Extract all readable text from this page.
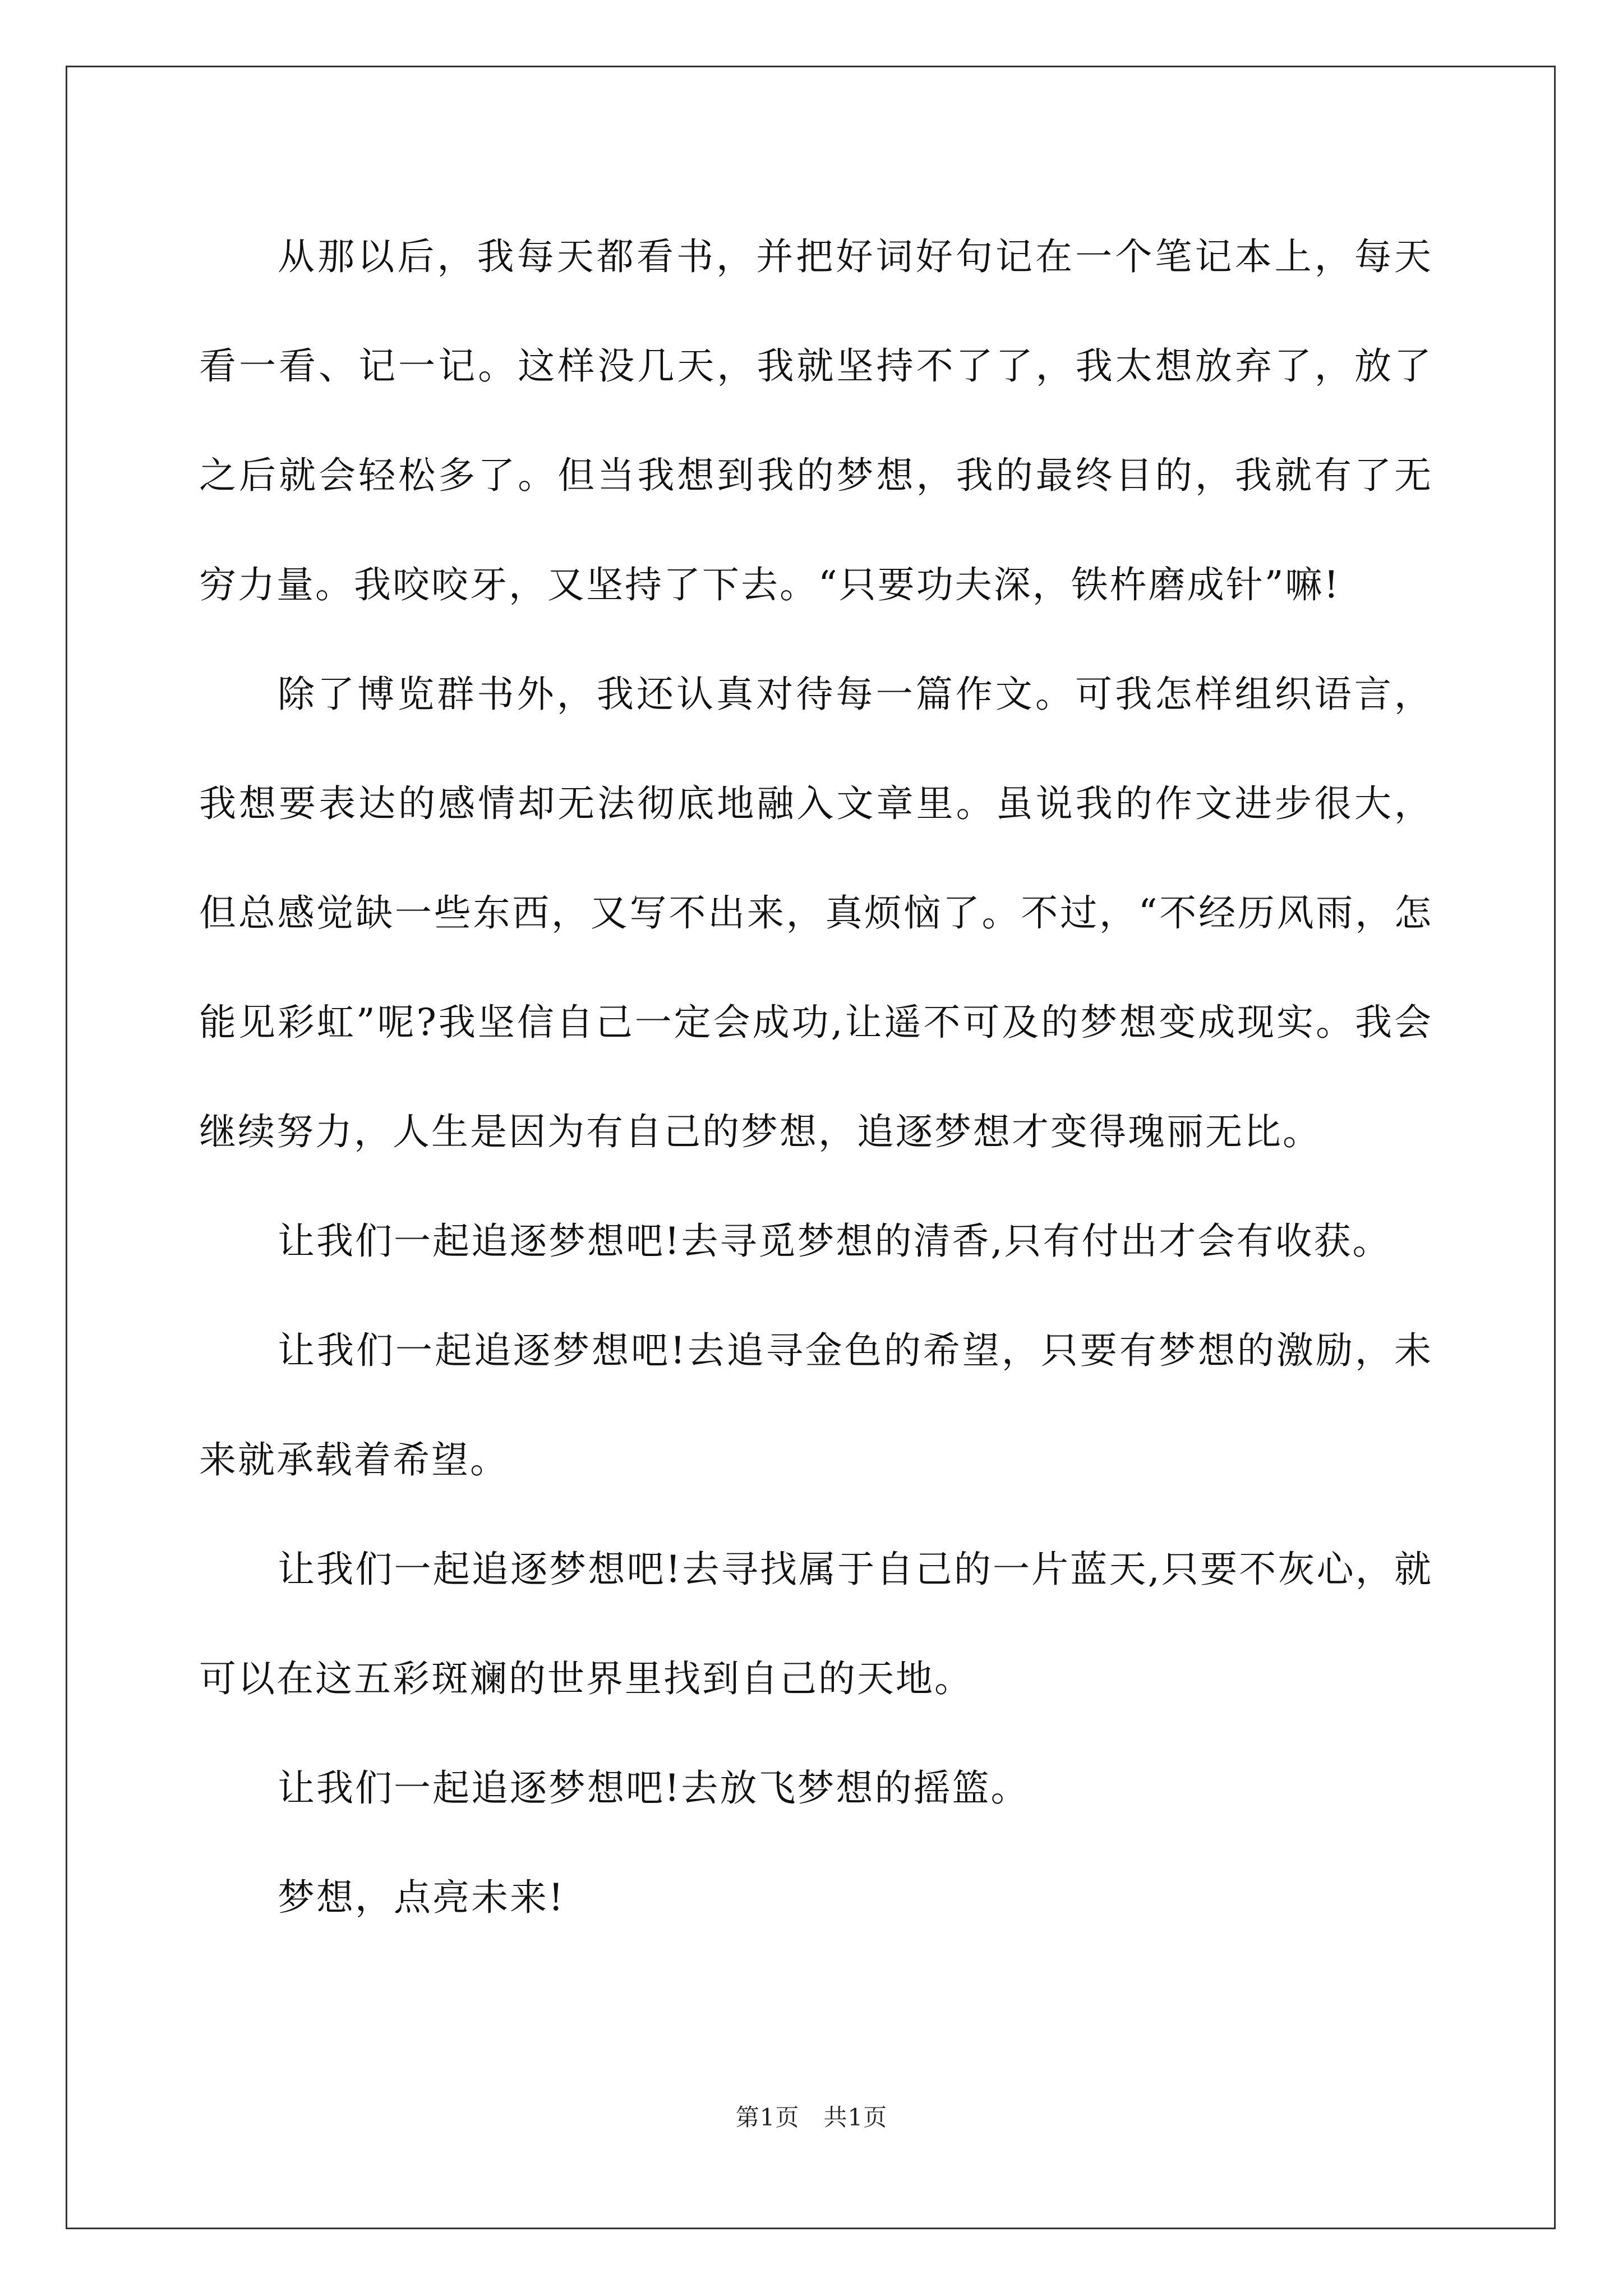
从那以后，我每天都看书，并把好词好句记在一个笔记本上，每天看一看、记一记。这样没几天，我就坚持不了了，我太想放弃了，放了之后就会轻松多了。但当我想到我的梦想，我的最终目的，我就有了无穷力量。我咬咬牙，又坚持了下去。“只要功夫深，铁杵磨成针”嘛!

除了博览群书外，我还认真对待每一篇作文。可我怎样组织语言，我想要表达的感情却无法彻底地融入文章里。虽说我的作文进步很大，但总感觉缺一些东西，又写不出来，真烦恼了。不过，“不经历风雨，怎能见彩虹”呢?我坚信自己一定会成功,让遥不可及的梦想变成现实。我会继续努力，人生是因为有自己的梦想，追逐梦想才变得瑰丽无比。

让我们一起追逐梦想吧!去寻觅梦想的清香,只有付出才会有收获。

让我们一起追逐梦想吧!去追寻金色的希望，只要有梦想的激励，未来就承载着希望。

让我们一起追逐梦想吧!去寻找属于自己的一片蓝天,只要不灰心，就可以在这五彩斑斓的世界里找到自己的天地。

让我们一起追逐梦想吧!去放飞梦想的摇篮。

梦想，点亮未来!

第1页 共1页
